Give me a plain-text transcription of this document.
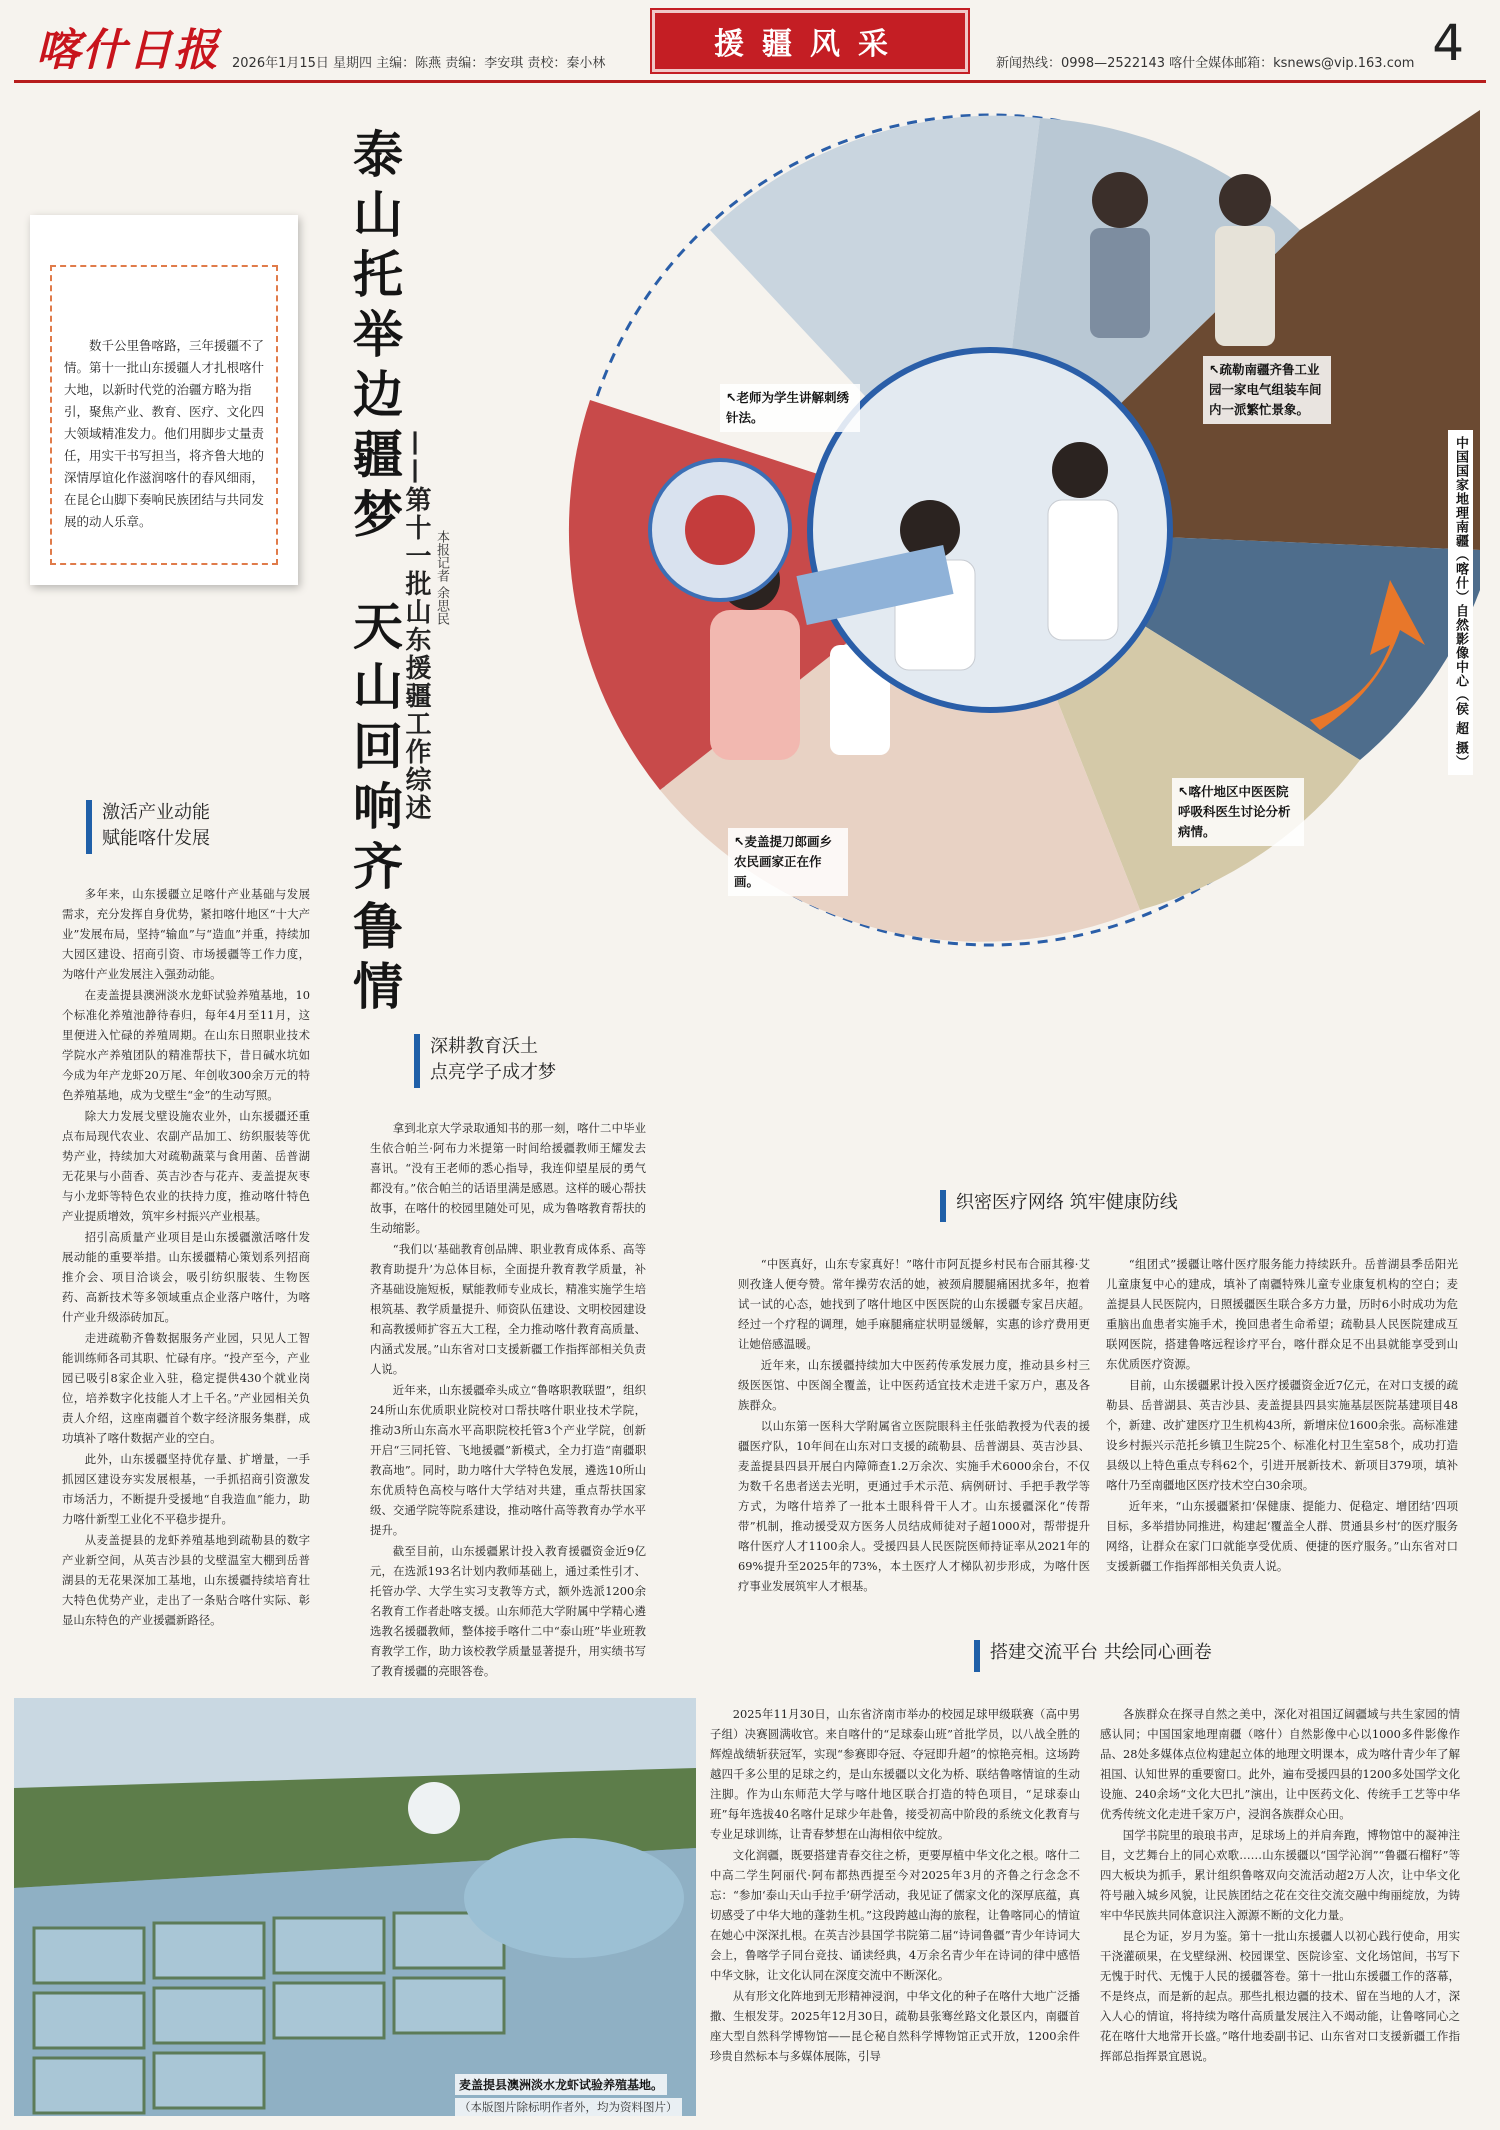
喀什日报 2026年1月15日 星期四 主编：陈燕 责编：李安琪 责校：秦小林
援疆风采
新闻热线：0998—2522143 喀什全媒体邮箱：ksnews@vip.163.com 4
数千公里鲁喀路，三年援疆不了情。第十一批山东援疆人才扎根喀什大地，以新时代党的治疆方略为指引，聚焦产业、教育、医疗、文化四大领域精准发力。他们用脚步丈量责任，用实干书写担当，将齐鲁大地的深情厚谊化作滋润喀什的春风细雨，在昆仑山脚下奏响民族团结与共同发展的动人乐章。	泰山托举边疆梦
天山回响齐鲁情
——第十一批山东援疆工作综述 本报记者 余思民
↖老师为学生讲解刺绣针法。
↖疏勒南疆齐鲁工业园一家电气组装车间内一派繁忙景象。
↖喀什地区中医医院呼吸科医生讨论分析病情。
↖麦盖提刀郎画乡农民画家正在作画。
中国国家地理南疆（喀什）自然影像中心（侯 超 摄）
激活产业动能
赋能喀什发展

多年来，山东援疆立足喀什产业基础与发展需求，充分发挥自身优势，紧扣喀什地区“十大产业”发展布局，坚持“输血”与“造血”并重，持续加大园区建设、招商引资、市场援疆等工作力度，为喀什产业发展注入强劲动能。

在麦盖提县澳洲淡水龙虾试验养殖基地，10个标准化养殖池静待春归，每年4月至11月，这里便进入忙碌的养殖周期。在山东日照职业技术学院水产养殖团队的精准帮扶下，昔日碱水坑如今成为年产龙虾20万尾、年创收300余万元的特色养殖基地，成为戈壁生“金”的生动写照。

除大力发展戈壁设施农业外，山东援疆还重点布局现代农业、农副产品加工、纺织服装等优势产业，持续加大对疏勒蔬菜与食用菌、岳普湖无花果与小茴香、英吉沙杏与花卉、麦盖提灰枣与小龙虾等特色农业的扶持力度，推动喀什特色产业提质增效，筑牢乡村振兴产业根基。

招引高质量产业项目是山东援疆激活喀什发展动能的重要举措。山东援疆精心策划系列招商推介会、项目洽谈会，吸引纺织服装、生物医药、高新技术等多领域重点企业落户喀什，为喀什产业升级添砖加瓦。

走进疏勒齐鲁数据服务产业园，只见人工智能训练师各司其职、忙碌有序。“投产至今，产业园已吸引8家企业入驻，稳定提供430个就业岗位，培养数字化技能人才上千名。”产业园相关负责人介绍，这座南疆首个数字经济服务集群，成功填补了喀什数据产业的空白。

此外，山东援疆坚持优存量、扩增量，一手抓园区建设夯实发展根基，一手抓招商引资激发市场活力，不断提升受援地“自我造血”能力，助力喀什新型工业化不平稳步提升。

从麦盖提县的龙虾养殖基地到疏勒县的数字产业新空间，从英吉沙县的戈壁温室大棚到岳普湖县的无花果深加工基地，山东援疆持续培育壮大特色优势产业，走出了一条贴合喀什实际、彰显山东特色的产业援疆新路径。

深耕教育沃土
点亮学子成才梦

拿到北京大学录取通知书的那一刻，喀什二中毕业生依合帕兰·阿布力米提第一时间给援疆教师王耀发去喜讯。“没有王老师的悉心指导，我连仰望星辰的勇气都没有。”依合帕兰的话语里满是感恩。这样的暖心帮扶故事，在喀什的校园里随处可见，成为鲁喀教育帮扶的生动缩影。

“我们以‘基础教育创品牌、职业教育成体系、高等教育助提升’为总体目标，全面提升教育教学质量，补齐基础设施短板，赋能教师专业成长，精准实施学生培根筑基、教学质量提升、师资队伍建设、文明校园建设和高教援师扩容五大工程，全力推动喀什教育高质量、内涵式发展。”山东省对口支援新疆工作指挥部相关负责人说。

近年来，山东援疆牵头成立“鲁喀职教联盟”，组织24所山东优质职业院校对口帮扶喀什职业技术学院，推动3所山东高水平高职院校托管3个产业学院，创新开启“三同托管、飞地援疆”新模式，全力打造“南疆职教高地”。同时，助力喀什大学特色发展，遴选10所山东优质特色高校与喀什大学结对共建，重点帮扶国家级、交通学院等院系建设，推动喀什高等教育办学水平提升。

截至目前，山东援疆累计投入教育援疆资金近9亿元，在选派193名计划内教师基础上，通过柔性引才、托管办学、大学生实习支教等方式，额外选派1200余名教育工作者赴喀支援。山东师范大学附属中学精心遴选教名援疆教师，整体接手喀什二中“泰山班”毕业班教育教学工作，助力该校教学质量显著提升，用实绩书写了教育援疆的亮眼答卷。

织密医疗网络 筑牢健康防线

“中医真好，山东专家真好！”喀什市阿瓦提乡村民布合丽其穆·艾则孜逢人便夸赞。常年操劳农活的她，被颈肩腰腿痛困扰多年，抱着试一试的心态，她找到了喀什地区中医医院的山东援疆专家吕庆超。经过一个疗程的调理，她手麻腿痛症状明显缓解，实惠的诊疗费用更让她倍感温暖。

近年来，山东援疆持续加大中医药传承发展力度，推动县乡村三级医医馆、中医阁全覆盖，让中医药适宜技术走进千家万户，惠及各族群众。

以山东第一医科大学附属省立医院眼科主任张皓教授为代表的援疆医疗队，10年间在山东对口支援的疏勒县、岳普湖县、英吉沙县、麦盖提县四县开展白内障筛查1.2万余次、实施手术6000余台，不仅为数千名患者送去光明，更通过手术示范、病例研讨、手把手教学等方式，为喀什培养了一批本土眼科骨干人才。山东援疆深化“传帮带”机制，推动援受双方医务人员结成师徒对子超1000对，帮带提升喀什医疗人才1100余人。受援四县人民医院医师持证率从2021年的69%提升至2025年的73%，本土医疗人才梯队初步形成，为喀什医疗事业发展筑牢人才根基。

“组团式”援疆让喀什医疗服务能力持续跃升。岳普湖县季岳阳光儿童康复中心的建成，填补了南疆特殊儿童专业康复机构的空白；麦盖提县人民医院内，日照援疆医生联合多方力量，历时6小时成功为危重脑出血患者实施手术，挽回患者生命希望；疏勒县人民医院建成互联网医院，搭建鲁喀远程诊疗平台，喀什群众足不出县就能享受到山东优质医疗资源。

目前，山东援疆累计投入医疗援疆资金近7亿元，在对口支援的疏勒县、岳普湖县、英吉沙县、麦盖提县四县实施基层医院基建项目48个，新建、改扩建医疗卫生机构43所，新增床位1600余张。高标准建设乡村振兴示范托乡镇卫生院25个、标准化村卫生室58个，成功打造县级以上特色重点专科62个，引进开展新技术、新项目379项，填补喀什乃至南疆地区医疗技术空白30余项。

近年来，“山东援疆紧扣‘保健康、提能力、促稳定、增团结’四项目标，多举措协同推进，构建起‘覆盖全人群、贯通县乡村’的医疗服务网络，让群众在家门口就能享受优质、便捷的医疗服务。”山东省对口支援新疆工作指挥部相关负责人说。

搭建交流平台 共绘同心画卷

2025年11月30日，山东省济南市举办的校园足球甲级联赛（高中男子组）决赛圆满收官。来自喀什的“足球泰山班”首批学员，以八战全胜的辉煌战绩斩获冠军，实现“参赛即夺冠、夺冠即升超”的惊艳亮相。这场跨越四千多公里的足球之约，是山东援疆以文化为桥、联结鲁喀情谊的生动注脚。作为山东师范大学与喀什地区联合打造的特色项目，“足球泰山班”每年选拔40名喀什足球少年赴鲁，接受初高中阶段的系统文化教育与专业足球训练，让青春梦想在山海相依中绽放。

文化润疆，既要搭建青春交往之桥，更要厚植中华文化之根。喀什二中高二学生阿丽代·阿布都热西提至今对2025年3月的齐鲁之行念念不忘：“参加‘泰山天山手拉手’研学活动，我见证了儒家文化的深厚底蕴，真切感受了中华大地的蓬勃生机。”这段跨越山海的旅程，让鲁喀同心的情谊在她心中深深扎根。在英吉沙县国学书院第二届“诗词鲁疆”青少年诗词大会上，鲁喀学子同台竞技、诵读经典，4万余名青少年在诗词的律中感悟中华文脉，让文化认同在深度交流中不断深化。

从有形文化阵地到无形精神浸润，中华文化的种子在喀什大地广泛播撒、生根发芽。2025年12月30日，疏勒县张骞丝路文化景区内，南疆首座大型自然科学博物馆——昆仑秘自然科学博物馆正式开放，1200余件珍贵自然标本与多媒体展陈，引导

各族群众在探寻自然之美中，深化对祖国辽阔疆域与共生家园的情感认同；中国国家地理南疆（喀什）自然影像中心以1000多件影像作品、28处多媒体点位构建起立体的地理文明课本，成为喀什青少年了解祖国、认知世界的重要窗口。此外，遍布受援四县的1200多处国学文化设施、240余场“文化大巴扎”演出，让中医药文化、传统手工艺等中华优秀传统文化走进千家万户，浸润各族群众心田。

国学书院里的琅琅书声，足球场上的并肩奔跑，博物馆中的凝神注目，文艺舞台上的同心欢歌……山东援疆以“国学沁润”“鲁疆石榴籽”等四大板块为抓手，累计组织鲁喀双向交流活动超2万人次，让中华文化符号融入城乡风貌，让民族团结之花在交往交流交融中绚丽绽放，为铸牢中华民族共同体意识注入源源不断的文化力量。

昆仑为证，岁月为鉴。第十一批山东援疆人以初心践行使命，用实干浇灌硕果，在戈壁绿洲、校园课堂、医院诊室、文化场馆间，书写下无愧于时代、无愧于人民的援疆答卷。第十一批山东援疆工作的落幕，不是终点，而是新的起点。那些扎根边疆的技术、留在当地的人才，深入人心的情谊，将持续为喀什高质量发展注入不竭动能，让鲁喀同心之花在喀什大地常开长盛。”喀什地委副书记、山东省对口支援新疆工作指挥部总指挥景宜恩说。

麦盖提县澳洲淡水龙虾试验养殖基地。
（本版图片除标明作者外，均为资料图片）
